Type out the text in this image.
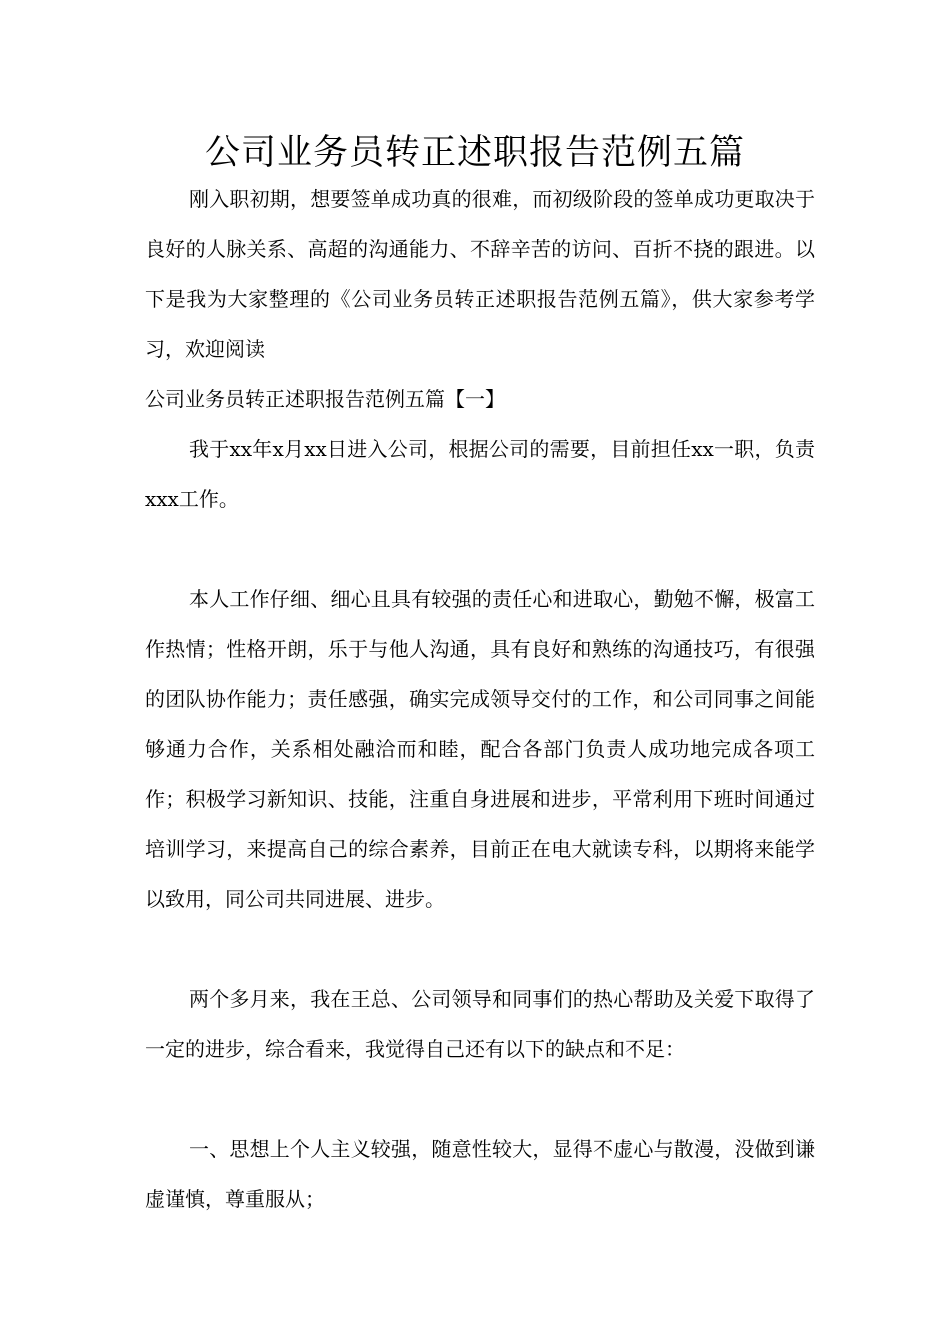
公司业务员转正述职报告范例五篇

刚入职初期，想要签单成功真的很难，而初级阶段的签单成功更取决于良好的人脉关系、高超的沟通能力、不辞辛苦的访问、百折不挠的跟进。以下是我为大家整理的《公司业务员转正述职报告范例五篇》，供大家参考学习，欢迎阅读

公司业务员转正述职报告范例五篇【一】

我于xx年x月xx日进入公司，根据公司的需要，目前担任xx一职，负责xxx工作。

本人工作仔细、细心且具有较强的责任心和进取心，勤勉不懈，极富工作热情；性格开朗，乐于与他人沟通，具有良好和熟练的沟通技巧，有很强的团队协作能力；责任感强，确实完成领导交付的工作，和公司同事之间能够通力合作，关系相处融洽而和睦，配合各部门负责人成功地完成各项工作；积极学习新知识、技能，注重自身进展和进步，平常利用下班时间通过培训学习，来提高自己的综合素养，目前正在电大就读专科，以期将来能学以致用，同公司共同进展、进步。

两个多月来，我在王总、公司领导和同事们的热心帮助及关爱下取得了一定的进步，综合看来，我觉得自己还有以下的缺点和不足：

一、思想上个人主义较强，随意性较大，显得不虚心与散漫，没做到谦虚谨慎，尊重服从；
